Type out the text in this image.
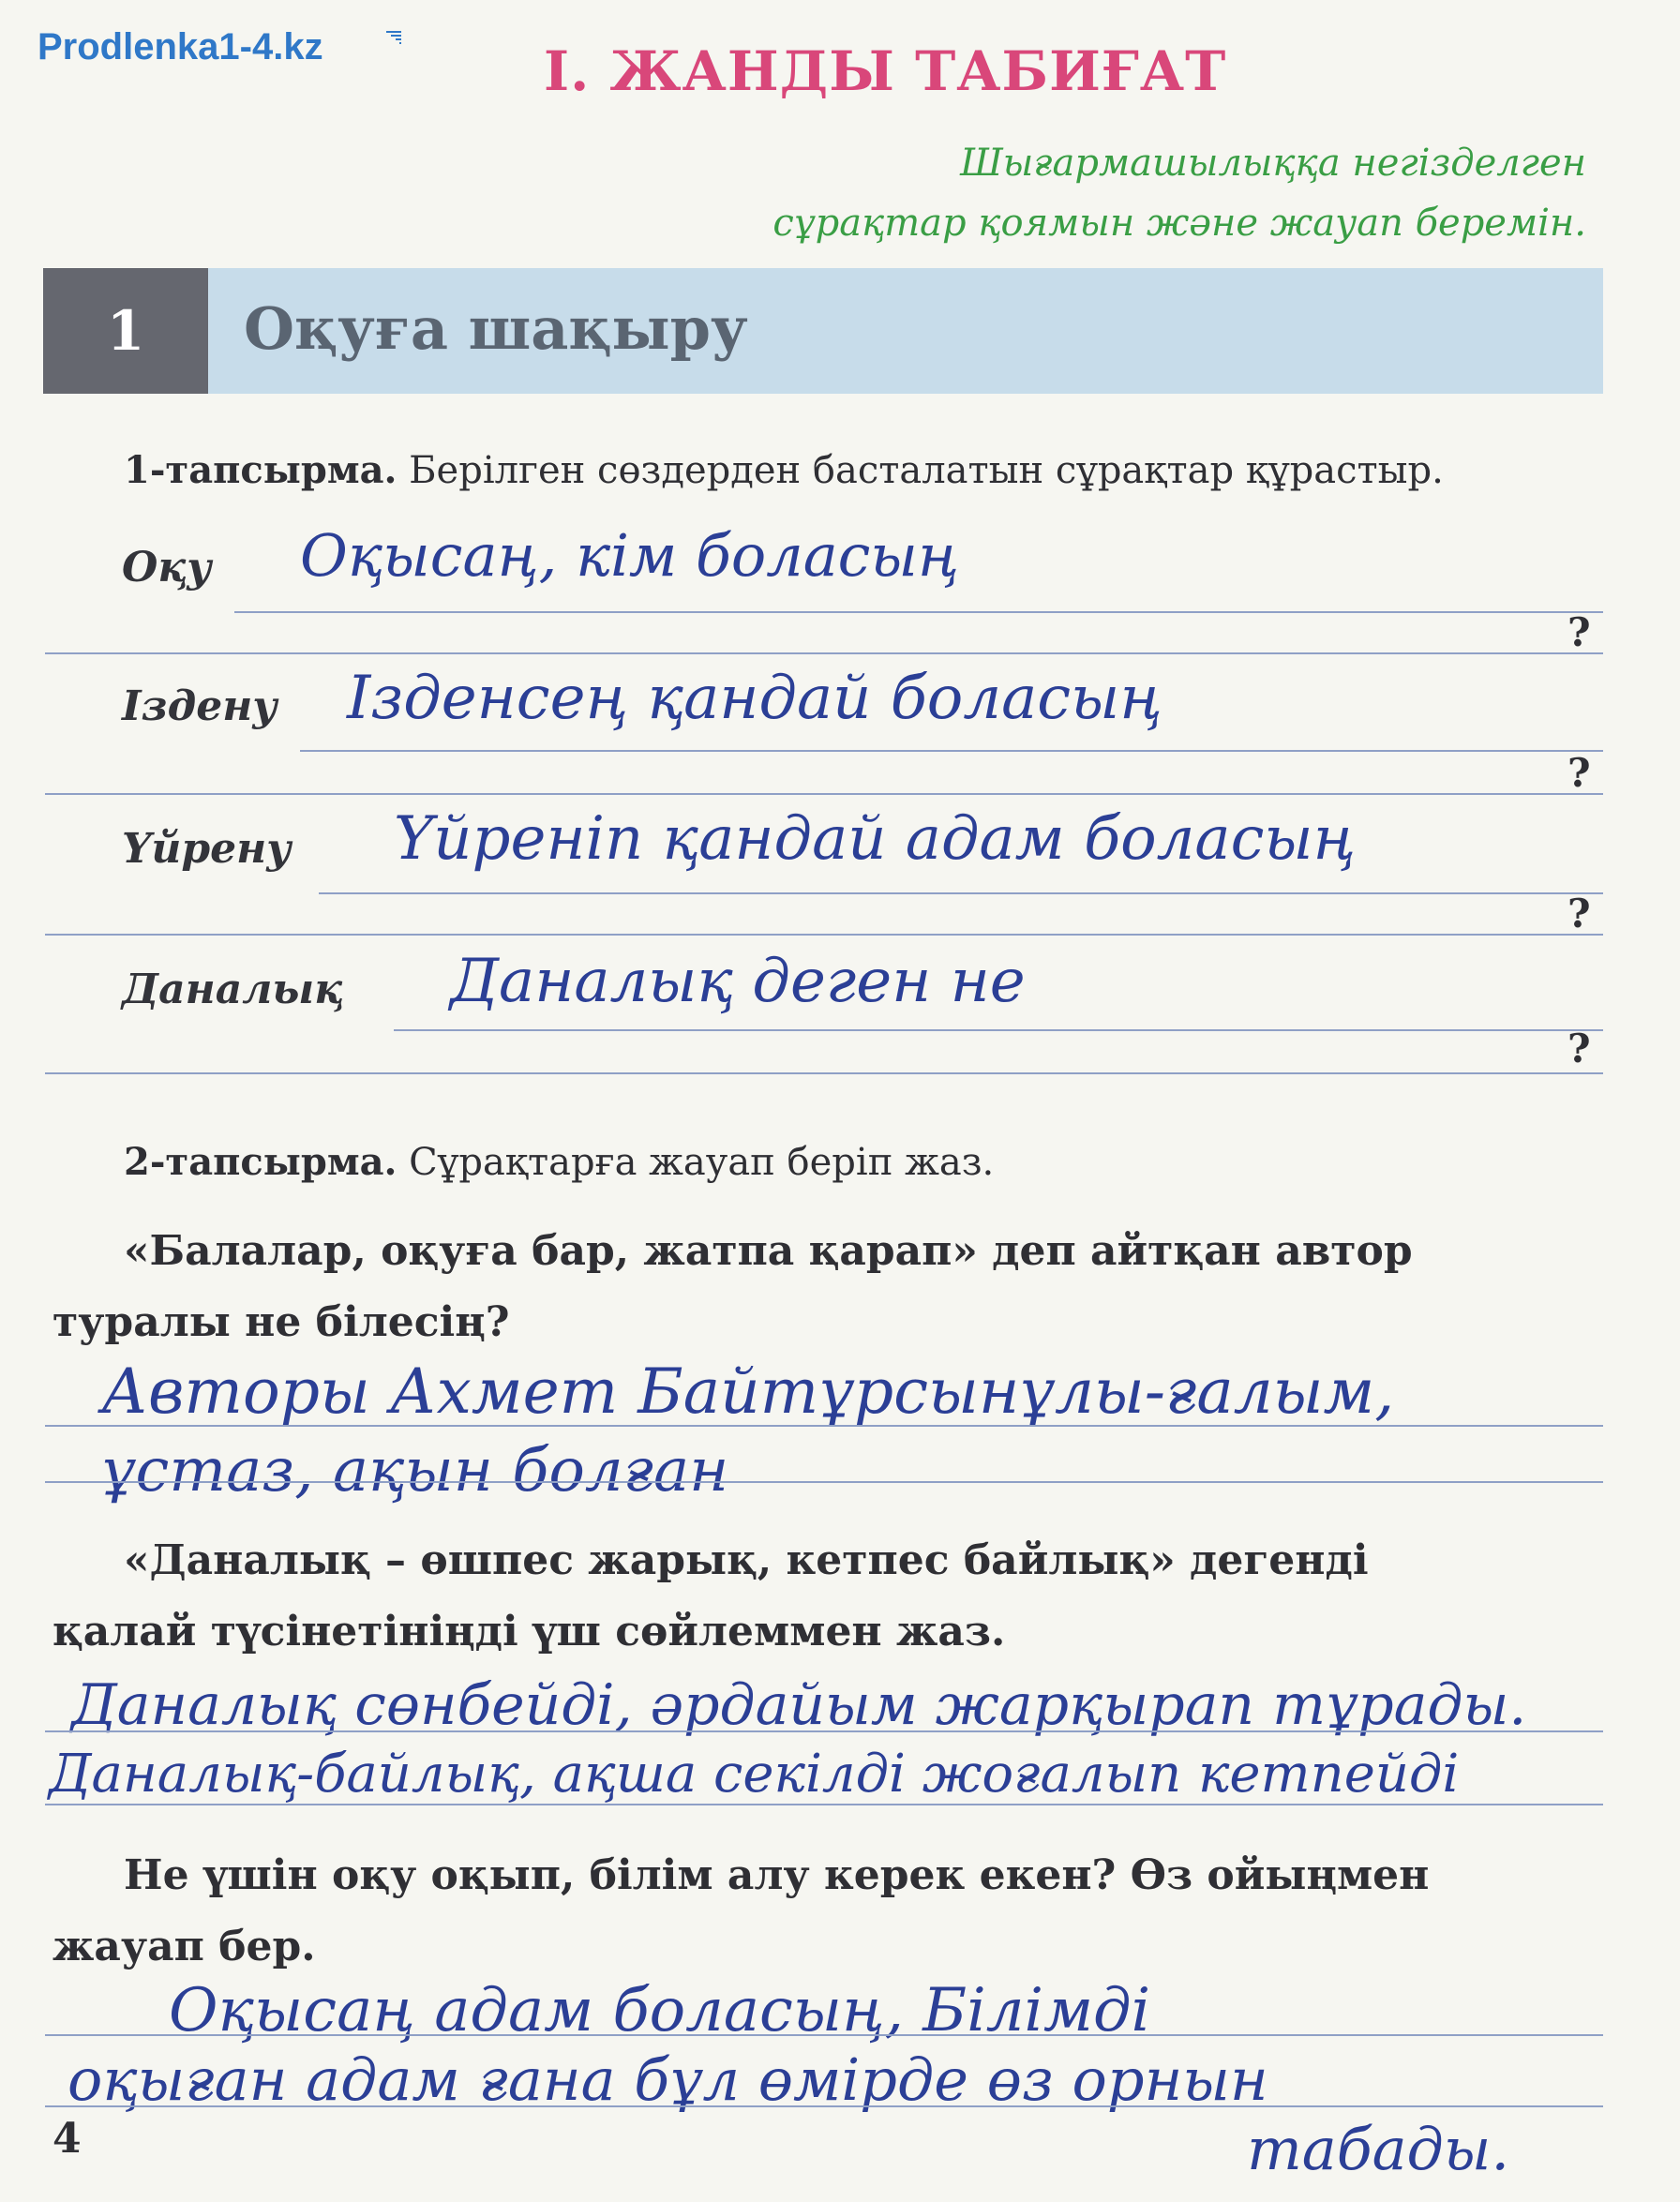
Prodlenka1-4.kz	І. ЖАНДЫ ТАБИҒАТ
Шығармашылыққа негізделген
сұрақтар қоямын және жауап беремін.
1	Оқуға шақыру
1-тапсырма. Берілген сөздерден басталатын сұрақтар құрастыр.
Оқу Оқысаң, кім боласың
?
Іздену Ізденсең қандай боласың
?
Үйрену Үйреніп қандай адам боласың
?
Даналық Даналық деген не
?
2-тапсырма. Сұрақтарға жауап беріп жаз.
«Балалар, оқуға бар, жатпа қарап» деп айтқан автор
туралы не білесің?
Авторы Ахмет Байтұрсынұлы-ғалым,
ұстаз, ақын болған
«Даналық – өшпес жарық, кетпес байлық» дегенді
қалай түсінетініңді үш сөйлеммен жаз.
Даналық сөнбейді, әрдайым жарқырап тұрады.
Даналық-байлық, ақша секілді жоғалып кетпейді
Не үшін оқу оқып, білім алу керек екен? Өз ойыңмен
жауап бер.
Оқысаң адам боласың, Білімді
оқыған адам ғана бұл өмірде өз орнын
табады.
4
